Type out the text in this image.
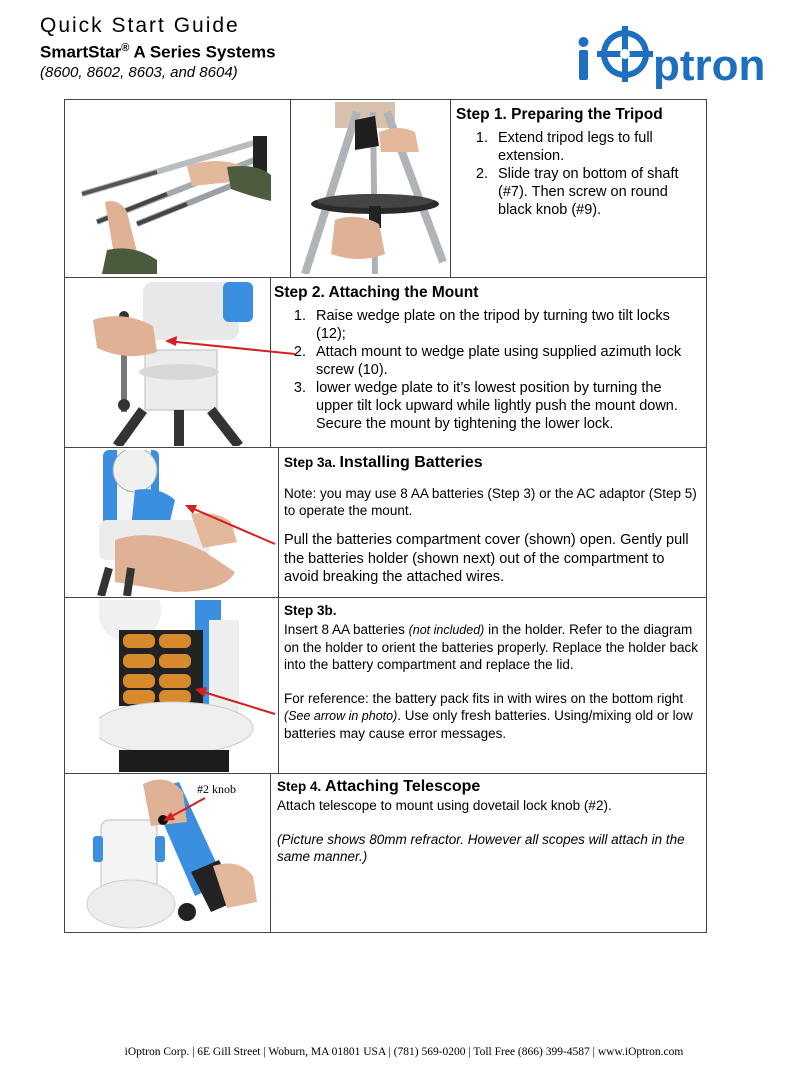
Quick Start Guide
SmartStar® A Series Systems
(8600, 8602, 8603, and 8604)	ptron
Step 1. Preparing the Tripod
1. Extend tripod legs to full extension.
2. Slide tray on bottom of shaft (#7). Then screw on round black knob (#9).
Step 2. Attaching the Mount
1. Raise wedge plate on the tripod by turning two tilt locks (12);
2. Attach mount to wedge plate using supplied azimuth lock screw (10).
3. lower wedge plate to it’s lowest position by turning the upper tilt lock upward while lightly push the mount down. Secure the mount by tightening the lower lock.
Step 3a. Installing Batteries
Note: you may use 8 AA batteries (Step 3) or the AC adaptor (Step 5) to operate the mount.
Pull the batteries compartment cover (shown) open. Gently pull the batteries holder (shown next) out of the compartment to avoid breaking the attached wires.
Step 3b.
Insert 8 AA batteries (not included) in the holder. Refer to the diagram on the holder to orient the batteries properly. Replace the holder back into the battery compartment and replace the lid.
For reference: the battery pack fits in with wires on the bottom right (See arrow in photo). Use only fresh batteries. Using/mixing old or low batteries may cause error messages.
#2 knob	Step 4. Attaching Telescope
Attach telescope to mount using dovetail lock knob (#2).
(Picture shows 80mm refractor. However all scopes will attach in the same manner.)
iOptron Corp. | 6E Gill Street | Woburn, MA 01801 USA | (781) 569-0200 | Toll Free (866) 399-4587 | www.iOptron.com
